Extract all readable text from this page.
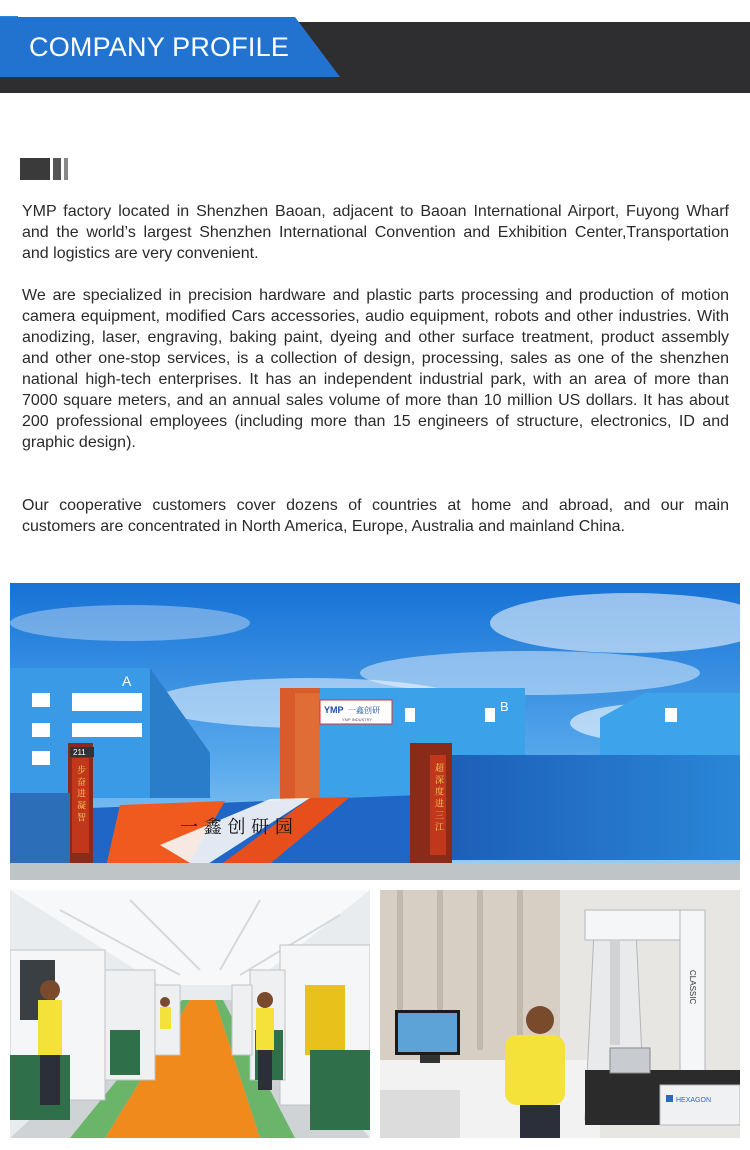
COMPANY PROFILE

YMP factory located in Shenzhen Baoan, adjacent to Baoan International Airport, Fuyong Wharf and the world’s largest Shenzhen International Convention and Exhibition Center,Transportation and logistics are very convenient.

We are specialized in precision hardware and plastic parts processing and production of motion camera equipment, modified Cars accessories, audio equipment, robots and other industries. With anodizing, laser, engraving, baking paint, dyeing and other surface treatment, product assembly and other one-stop services, is a collection of design, processing, sales as one of the shenzhen national high-tech enterprises. It has an independent industrial park, with an area of more than 7000 square meters, and an annual sales volume of more than 10 million US dollars. It has about 200 professional employees (including more than 15 engineers of structure, electronics, ID and graphic design).

Our cooperative customers cover dozens of countries at home and abroad, and our main customers are concentrated in North America, Europe, Australia and mainland China.

A
B
YMP 一鑫创研
YMP INDUSTRY
一 鑫 创 研 园
步 奋 进 凝 智	超 深 度 进 三 江
211
CLASSIC
HEXAGON
